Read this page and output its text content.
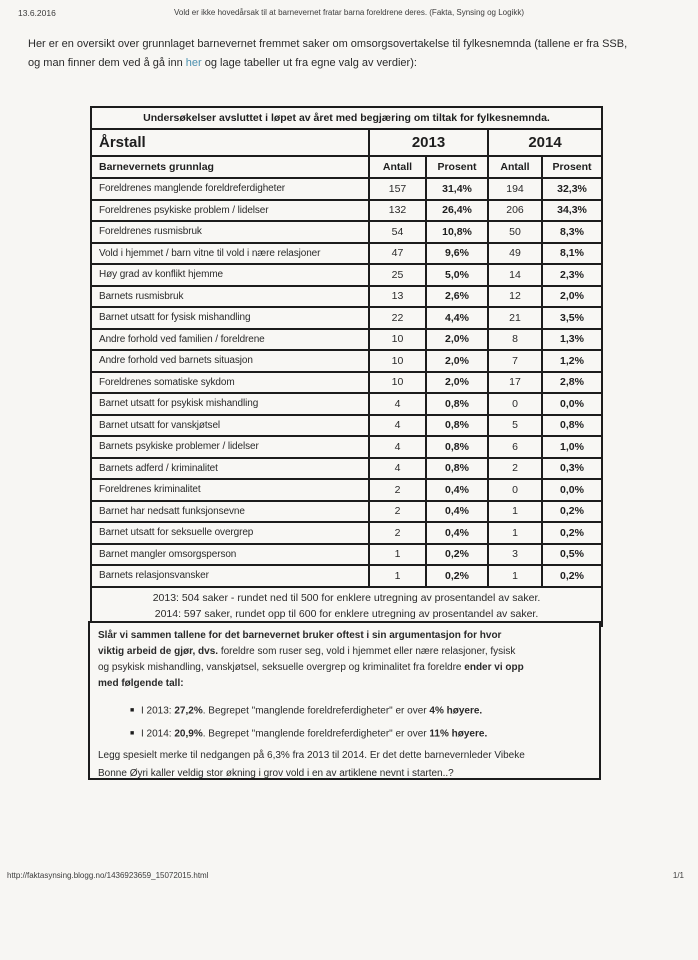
13.6.2016	Vold er ikke hovedårsak til at barnevernet fratar barna foreldrene deres. (Fakta, Synsing og Logikk)
Her er en oversikt over grunnlaget barnevernet fremmet saker om omsorgsovertakelse til fylkesnemnda (tallene er fra SSB,
og man finner dem ved å gå inn her og lage tabeller ut fra egne valg av verdier):
Undersøkelser avsluttet i løpet av året med begjæring om tiltak for fylkesnemnda.				
Årstall	2013		2014	
Barnevernets grunnlag	Antall	Prosent	Antall	Prosent
Foreldrenes manglende foreldreferdigheter	157	31,4%	194	32,3%
Foreldrenes psykiske problem / lidelser	132	26,4%	206	34,3%
Foreldrenes rusmisbruk	54	10,8%	50	8,3%
Vold i hjemmet / barn vitne til vold i nære relasjoner	47	9,6%	49	8,1%
Høy grad av konflikt hjemme	25	5,0%	14	2,3%
Barnets rusmisbruk	13	2,6%	12	2,0%
Barnet utsatt for fysisk mishandling	22	4,4%	21	3,5%
Andre forhold ved familien / foreldrene	10	2,0%	8	1,3%
Andre forhold ved barnets situasjon	10	2,0%	7	1,2%
Foreldrenes somatiske sykdom	10	2,0%	17	2,8%
Barnet utsatt for psykisk mishandling	4	0,8%	0	0,0%
Barnet utsatt for vanskjøtsel	4	0,8%	5	0,8%
Barnets psykiske problemer / lidelser	4	0,8%	6	1,0%
Barnets adferd / kriminalitet	4	0,8%	2	0,3%
Foreldrenes kriminalitet	2	0,4%	0	0,0%
Barnet har nedsatt funksjonsevne	2	0,4%	1	0,2%
Barnet utsatt for seksuelle overgrep	2	0,4%	1	0,2%
Barnet mangler omsorgsperson	1	0,2%	3	0,5%
Barnets relasjonsvansker	1	0,2%	1	0,2%

2013: 504 saker - rundet ned til 500 for enklere utregning av prosentandel av saker.
2014: 597 saker, rundet opp til 600 for enklere utregning av prosentandel av saker.				
Slår vi sammen tallene for det barnevernet bruker oftest i sin argumentasjon for hvor
viktig arbeid de gjør, dvs. foreldre som ruser seg, vold i hjemmet eller nære relasjoner, fysisk
og psykisk mishandling, vanskjøtsel, seksuelle overgrep og kriminalitet fra foreldre ender vi opp
med følgende tall:
■ I 2013: 27,2%. Begrepet "manglende foreldreferdigheter" er over 4% høyere.
■ I 2014: 20,9%. Begrepet "manglende foreldreferdigheter" er over 11% høyere.
Legg spesielt merke til nedgangen på 6,3% fra 2013 til 2014. Er det dette barnevernleder Vibeke
Bonne Øyri kaller veldig stor økning i grov vold i en av artiklene nevnt i starten..?
http://faktasynsing.blogg.no/1436923659_15072015.html	1/1
